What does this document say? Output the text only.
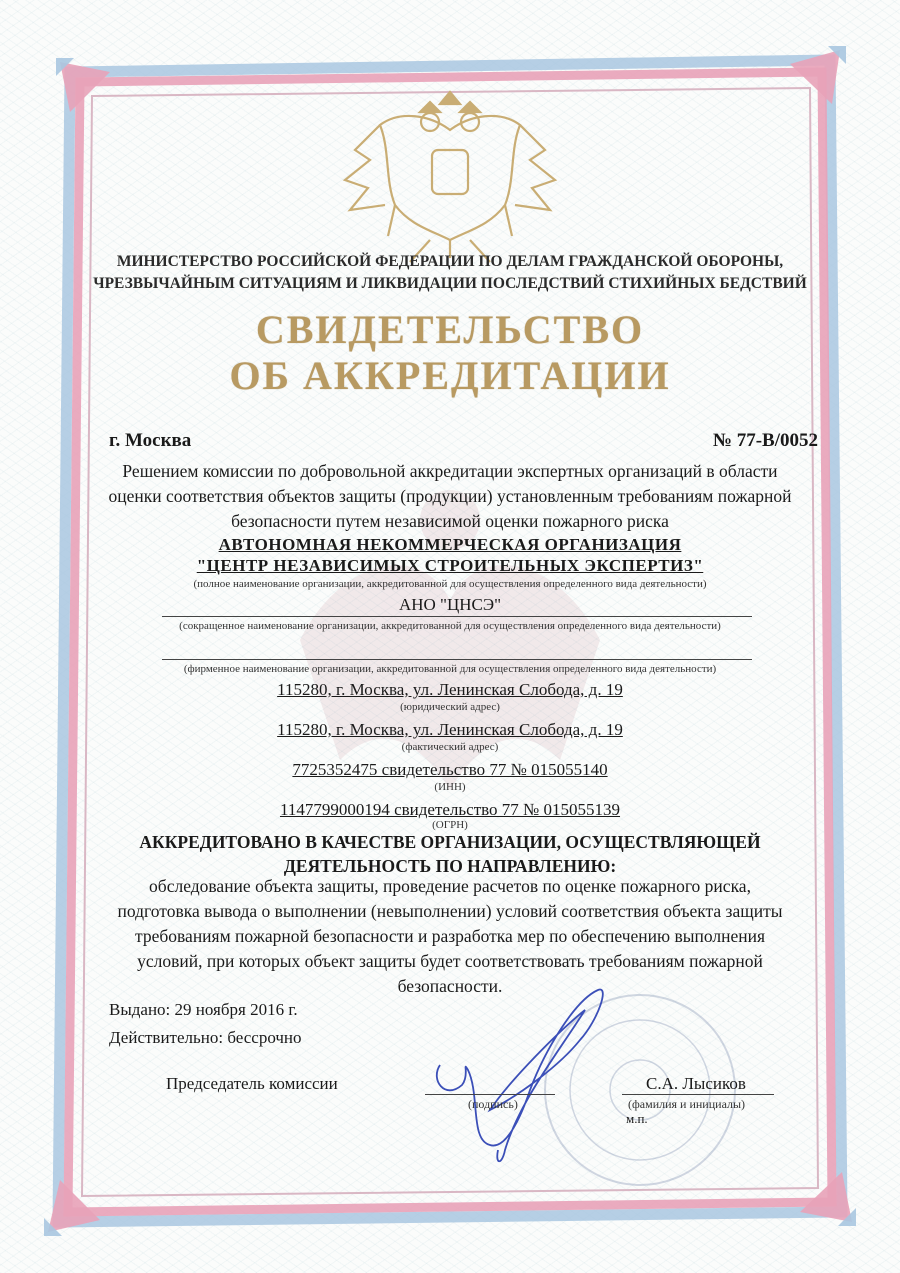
МИНИСТЕРСТВО РОССИЙСКОЙ ФЕДЕРАЦИИ ПО ДЕЛАМ ГРАЖДАНСКОЙ ОБОРОНЫ,
ЧРЕЗВЫЧАЙНЫМ СИТУАЦИЯМ И ЛИКВИДАЦИИ ПОСЛЕДСТВИЙ СТИХИЙНЫХ БЕДСТВИЙ
СВИДЕТЕЛЬСТВО
ОБ АККРЕДИТАЦИИ
г. Москва	№ 77-В/0052
Решением комиссии по добровольной аккредитации экспертных организаций в области
оценки соответствия объектов защиты (продукции) установленным требованиям пожарной
безопасности путем независимой оценки пожарного риска
АВТОНОМНАЯ НЕКОММЕРЧЕСКАЯ ОРГАНИЗАЦИЯ
"ЦЕНТР НЕЗАВИСИМЫХ СТРОИТЕЛЬНЫХ ЭКСПЕРТИЗ"
(полное наименование организации, аккредитованной для осуществления определенного вида деятельности)
АНО "ЦНСЭ"
(сокращенное наименование организации, аккредитованной для осуществления определенного вида деятельности)
(фирменное наименование организации, аккредитованной для осуществления определенного вида деятельности)
115280, г. Москва, ул. Ленинская Слобода, д. 19
(юридический адрес)
115280, г. Москва, ул. Ленинская Слобода, д. 19
(фактический адрес)
7725352475 свидетельство 77 № 015055140
(ИНН)
1147799000194 свидетельство 77 № 015055139
(ОГРН)
АККРЕДИТОВАНО В КАЧЕСТВЕ ОРГАНИЗАЦИИ, ОСУЩЕСТВЛЯЮЩЕЙ
ДЕЯТЕЛЬНОСТЬ ПО НАПРАВЛЕНИЮ:
обследование объекта защиты, проведение расчетов по оценке пожарного риска,
подготовка вывода о выполнении (невыполнении) условий соответствия объекта защиты
требованиям пожарной безопасности и разработка мер по обеспечению выполнения
условий, при которых объект защиты будет соответствовать требованиям пожарной
безопасности.
Выдано: 29 ноября 2016 г.
Действительно: бессрочно
Председатель комиссии
(подпись)
С.А. Лысиков
(фамилия и инициалы)
м.п.
